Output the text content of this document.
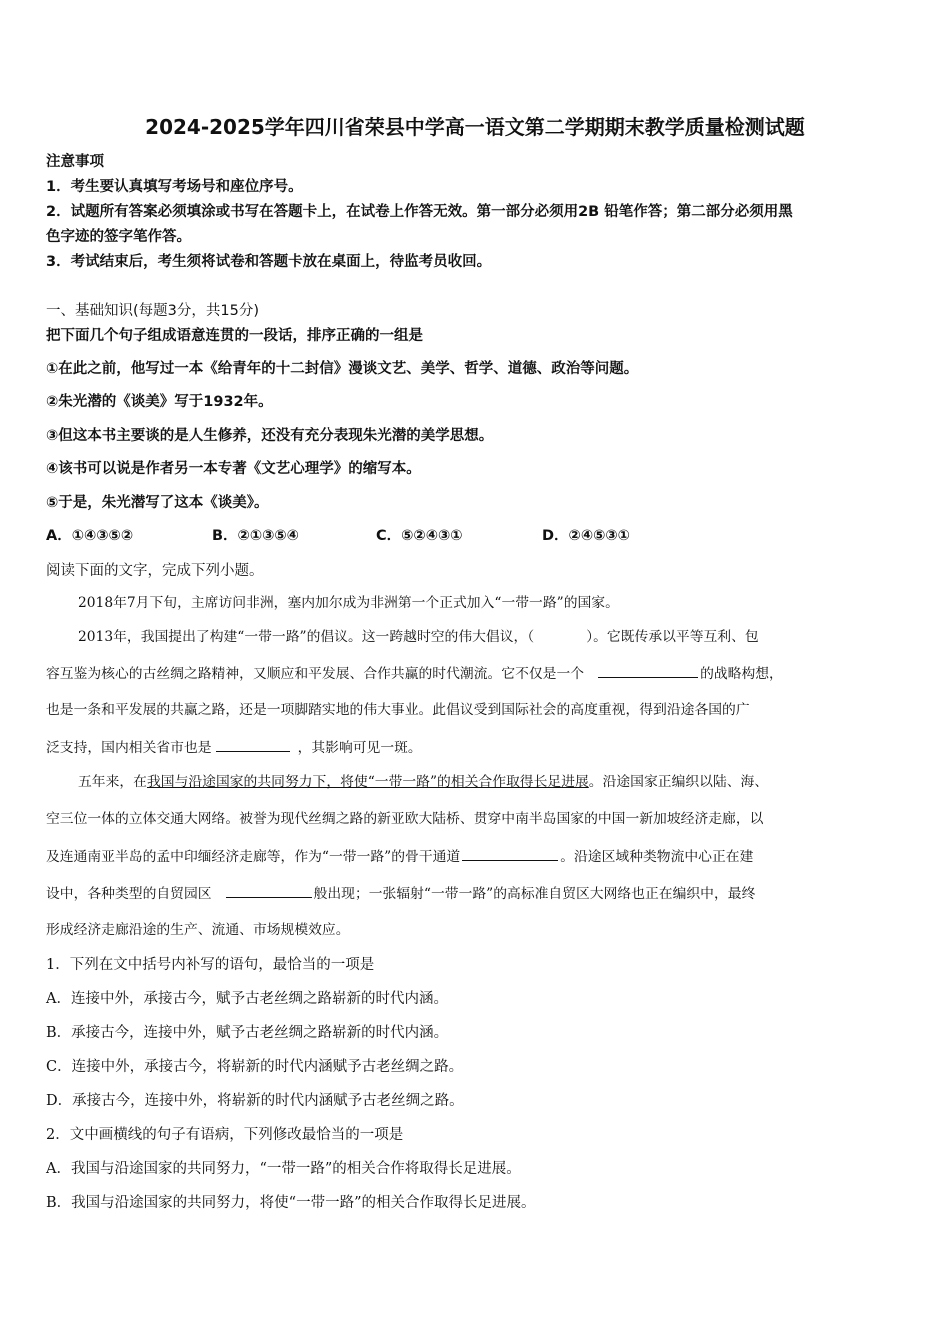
2024-2025学年四川省荣县中学高一语文第二学期期末教学质量检测试题
注意事项
1．考生要认真填写考场号和座位序号。
2．试题所有答案必须填涂或书写在答题卡上，在试卷上作答无效。第一部分必须用2B 铅笔作答；第二部分必须用黑
色字迹的签字笔作答。
3．考试结束后，考生须将试卷和答题卡放在桌面上，待监考员收回。
一、基础知识(每题3分，共15分)
把下面几个句子组成语意连贯的一段话，排序正确的一组是
①在此之前，他写过一本《给青年的十二封信》漫谈文艺、美学、哲学、道德、政治等问题。
②朱光潜的《谈美》写于1932年。
③但这本书主要谈的是人生修养，还没有充分表现朱光潜的美学思想。
④该书可以说是作者另一本专著《文艺心理学》的缩写本。
⑤于是，朱光潜写了这本《谈美》。
A．①④③⑤②	B．②①③⑤④	C．⑤②④③①	D．②④⑤③①
阅读下面的文字，完成下列小题。
2018年7月下旬，主席访问非洲，塞内加尔成为非洲第一个正式加入“一带一路”的国家。
2013年，我国提出了构建“一带一路”的倡议。这一跨越时空的伟大倡议，（	）。它既传承以平等互利、包
容互鉴为核心的古丝绸之路精神，又顺应和平发展、合作共赢的时代潮流。它不仅是一个	的战略构想，
也是一条和平发展的共赢之路，还是一项脚踏实地的伟大事业。此倡议受到国际社会的高度重视，得到沿途各国的广
泛支持，国内相关省市也是	，其影响可见一斑。
五年来，在我国与沿途国家的共同努力下，将使“一带一路”的相关合作取得长足进展。沿途国家正编织以陆、海、
空三位一体的立体交通大网络。被誉为现代丝绸之路的新亚欧大陆桥、贯穿中南半岛国家的中国一新加坡经济走廊，以
及连通南亚半岛的孟中印缅经济走廊等，作为“一带一路”的骨干通道	。沿途区域种类物流中心正在建
设中，各种类型的自贸园区	般出现；一张辐射“一带一路”的高标准自贸区大网络也正在编织中，最终
形成经济走廊沿途的生产、流通、市场规模效应。
1．下列在文中括号内补写的语句，最恰当的一项是
A．连接中外，承接古今，赋予古老丝绸之路崭新的时代内涵。
B．承接古今，连接中外，赋予古老丝绸之路崭新的时代内涵。
C．连接中外，承接古今，将崭新的时代内涵赋予古老丝绸之路。
D．承接古今，连接中外，将崭新的时代内涵赋予古老丝绸之路。
2．文中画横线的句子有语病，下列修改最恰当的一项是
A．我国与沿途国家的共同努力，“一带一路”的相关合作将取得长足进展。
B．我国与沿途国家的共同努力，将使“一带一路”的相关合作取得长足进展。
